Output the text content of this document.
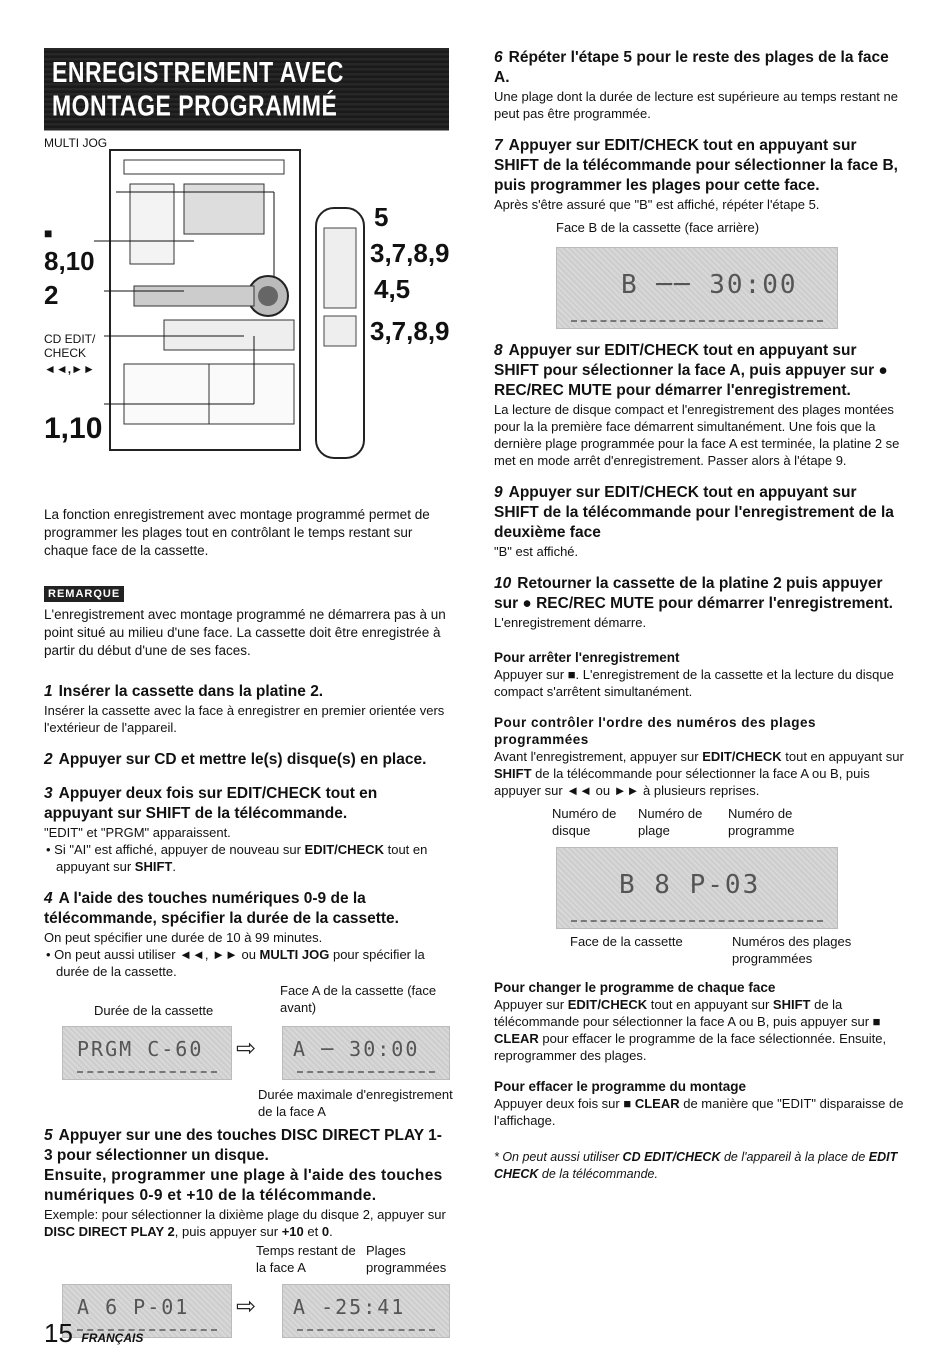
ENREGISTREMENT AVEC MONTAGE PROGRAMMÉ
MULTI JOG
■
8,10
2
CD EDIT/
CHECK
◄◄,►►
1,10
5
3,7,8,9
4,5
3,7,8,9

La fonction enregistrement avec montage programmé permet de programmer les plages tout en contrôlant le temps restant sur chaque face de la cassette.

REMARQUE

L'enregistrement avec montage programmé ne démarrera pas à un point situé au milieu d'une face. La cassette doit être enregistrée à partir du début d'une de ses faces.

1 Insérer la cassette dans la platine 2.
Insérer la cassette avec la face à enregistrer en premier orientée vers l'extérieur de l'appareil.
2 Appuyer sur CD et mettre le(s) disque(s) en place.
3 Appuyer deux fois sur EDIT/CHECK tout en appuyant sur SHIFT de la télécommande.
"EDIT" et "PRGM" apparaissent.
• Si "AI" est affiché, appuyer de nouveau sur EDIT/CHECK tout en appuyant sur SHIFT.
4 A l'aide des touches numériques 0-9 de la télécommande, spécifier la durée de la cassette.
On peut spécifier une durée de 10 à 99 minutes.
• On peut aussi utiliser ◄◄, ►► ou MULTI JOG pour spécifier la durée de la cassette.
Durée de la cassette
Face A de la cassette (face avant)
PRGM C-60 ⇨ A ─ 30:00
Durée maximale d'enregistrement de la face A
5 Appuyer sur une des touches DISC DIRECT PLAY 1-3 pour sélectionner un disque.
Ensuite, programmer une plage à l'aide des touches numériques 0-9 et +10 de la télécommande.
Exemple: pour sélectionner la dixième plage du disque 2, appuyer sur DISC DIRECT PLAY 2, puis appuyer sur +10 et 0.
Temps restant de la face A
Plages programmées
A 6 P-01 ⇨ A -25:41
6 Répéter l'étape 5 pour le reste des plages de la face A.
Une plage dont la durée de lecture est supérieure au temps restant ne peut pas être programmée.
7 Appuyer sur EDIT/CHECK tout en appuyant sur SHIFT de la télécommande pour sélectionner la face B, puis programmer les plages pour cette face.
Après s'être assuré que "B" est affiché, répéter l'étape 5.
Face B de la cassette (face arrière)
B ── 30:00
8 Appuyer sur EDIT/CHECK tout en appuyant sur SHIFT pour sélectionner la face A, puis appuyer sur ● REC/REC MUTE pour démarrer l'enregistrement.
La lecture de disque compact et l'enregistrement des plages montées pour la la première face démarrent simultanément. Une fois que la dernière plage programmée pour la face A est terminée, la platine 2 se met en mode arrêt d'enregistrement. Passer alors à l'étape 9.
9 Appuyer sur EDIT/CHECK tout en appuyant sur SHIFT de la télécommande pour l'enregistrement de la deuxième face
"B" est affiché.
10 Retourner la cassette de la platine 2 puis appuyer sur ● REC/REC MUTE pour démarrer l'enregistrement.
L'enregistrement démarre.
Pour arrêter l'enregistrement
Appuyer sur ■. L'enregistrement de la cassette et la lecture du disque compact s'arrêtent simultanément.
Pour contrôler l'ordre des numéros des plages programmées
Avant l'enregistrement, appuyer sur EDIT/CHECK tout en appuyant sur SHIFT de la télécommande pour sélectionner la face A ou B, puis appuyer sur ◄◄ ou ►► à plusieurs reprises.
Numéro de disque
Numéro de plage
Numéro de programme
B 8 P-03
Face de la cassette	Numéros des plages programmées
Pour changer le programme de chaque face
Appuyer sur EDIT/CHECK tout en appuyant sur SHIFT de la télécommande pour sélectionner la face A ou B, puis appuyer sur ■ CLEAR pour effacer le programme de la face sélectionnée. Ensuite, reprogrammer des plages.
Pour effacer le programme du montage
Appuyer deux fois sur ■ CLEAR de manière que "EDIT" disparaisse de l'affichage.
* On peut aussi utiliser CD EDIT/CHECK de l'appareil à la place de EDIT CHECK de la télécommande.
15 FRANÇAIS
